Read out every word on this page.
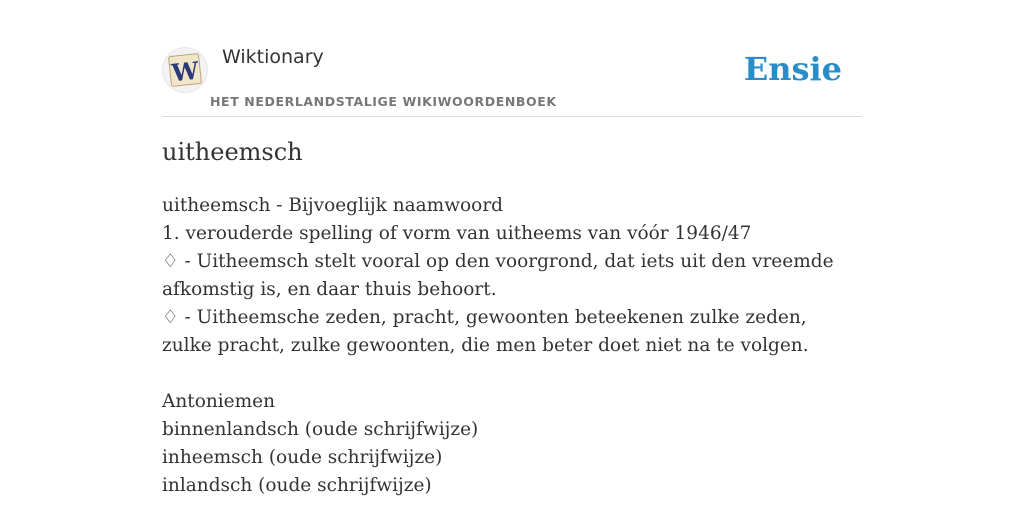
W Wiktionary
HET NEDERLANDSTALIGE WIKIWOORDENBOEK
Ensie
uitheemsch

uitheemsch - Bijvoeglijk naamwoord

1. verouderde spelling of vorm van uitheems van vóór 1946/47

♢ - Uitheemsch stelt vooral op den voorgrond, dat iets uit den vreemde afkomstig is, en daar thuis behoort.

♢ - Uitheemsche zeden, pracht, gewoonten beteekenen zulke zeden, zulke pracht, zulke gewoonten, die men beter doet niet na te volgen.

Antoniemen

binnenlandsch (oude schrijfwijze)

inheemsch (oude schrijfwijze)

inlandsch (oude schrijfwijze)
